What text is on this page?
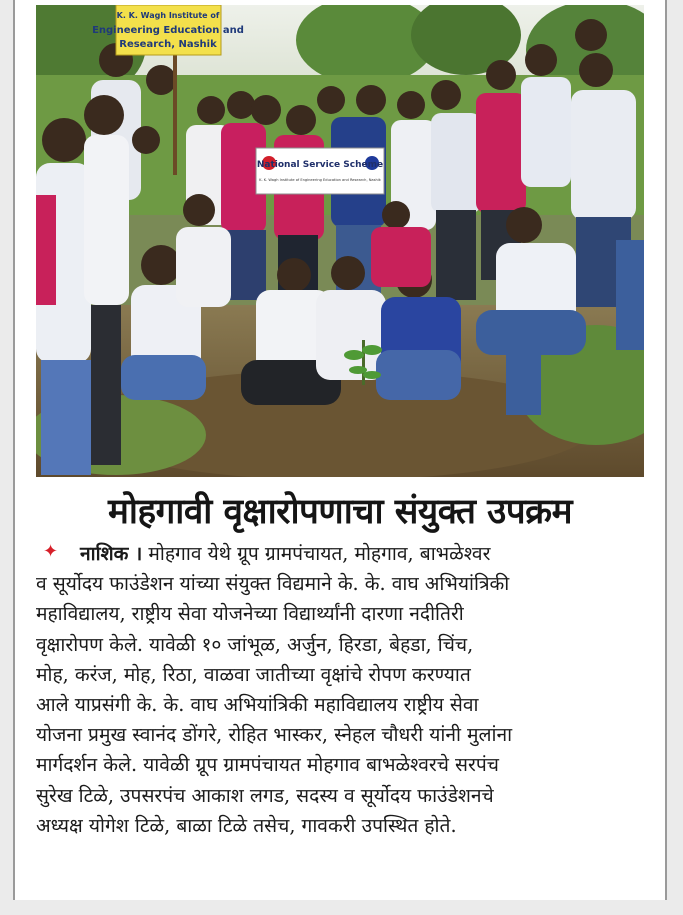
K. K. Wagh Institute of
Engineering Education and
Research, Nashik
National Service Scheme
K. K. Wagh Institute of Engineering Education and Research, Nashik
मोहगावी वृक्षारोपणाचा संयुक्त उपक्रम
✦	नाशिक । मोहगाव येथे ग्रूप ग्रामपंचायत, मोहगाव, बाभळेश्वर
व सूर्योदय फाउंडेशन यांच्या संयुक्त विद्यमाने के. के. वाघ अभियांत्रिकी
महाविद्यालय, राष्ट्रीय सेवा योजनेच्या विद्यार्थ्यांनी दारणा नदीतिरी
वृक्षारोपण केले. यावेळी १० जांभूळ, अर्जुन, हिरडा, बेहडा, चिंच,
मोह, करंज, मोह, रिठा, वाळवा जातीच्या वृक्षांचे रोपण करण्यात
आले याप्रसंगी के. के. वाघ अभियांत्रिकी महाविद्यालय राष्ट्रीय सेवा
योजना प्रमुख स्वानंद डोंगरे, रोहित भास्कर, स्नेहल चौधरी यांनी मुलांना
मार्गदर्शन केले. यावेळी ग्रूप ग्रामपंचायत मोहगाव बाभळेश्वरचे सरपंच
सुरेख टिळे, उपसरपंच आकाश लगड, सदस्य व सूर्योदय फाउंडेशनचे
अध्यक्ष योगेश टिळे, बाळा टिळे तसेच, गावकरी उपस्थित होते.
